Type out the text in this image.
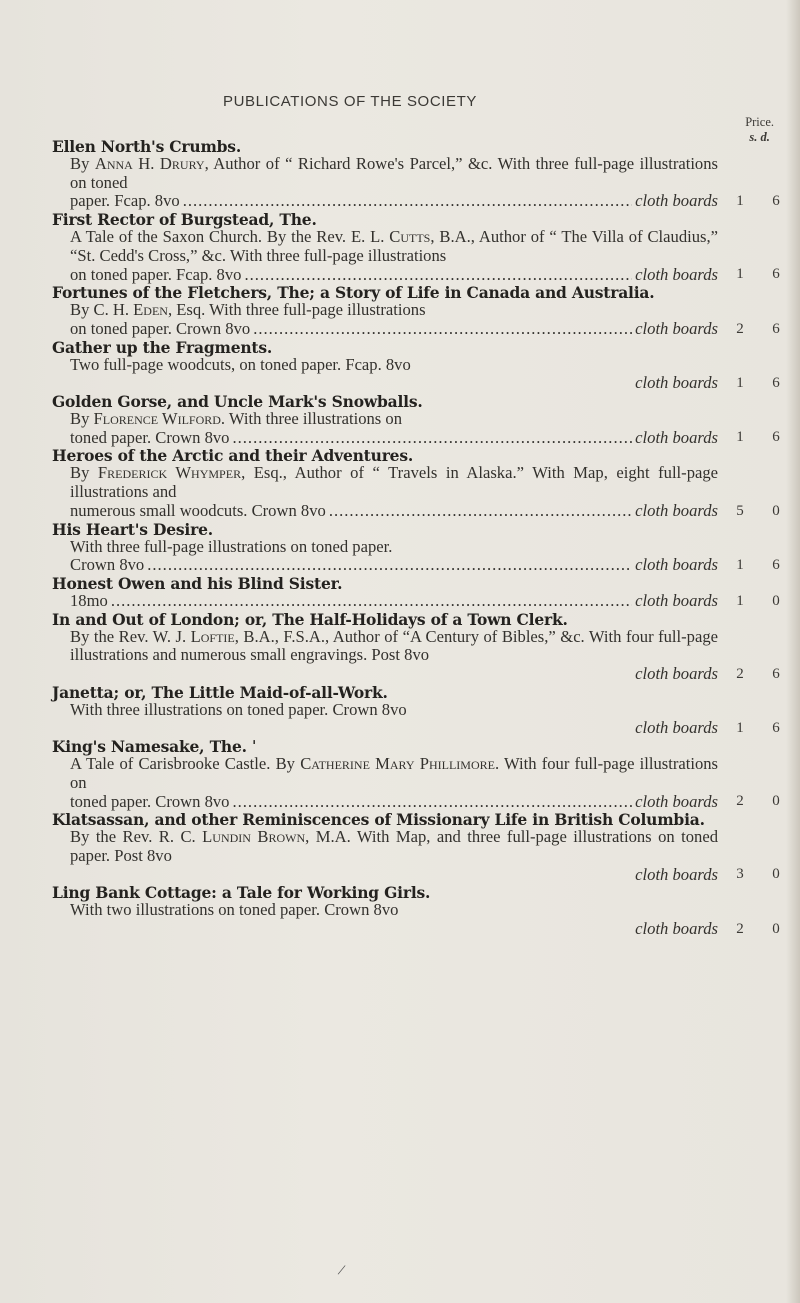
PUBLICATIONS OF THE SOCIETY
Price.
s. d.
Ellen North's Crumbs.
By Anna H. Drury, Author of “ Richard Rowe's Parcel,” &c. With three full-page illustrations on toned
paper. Fcap. 8vo .....	cloth boards	1	6
First Rector of Burgstead, The.
A Tale of the Saxon Church. By the Rev. E. L. Cutts, B.A., Author of “ The Villa of Claudius,” “St. Cedd's Cross,” &c. With three full-page illustrations
on toned paper. Fcap. 8vo .....	cloth boards	1	6
Fortunes of the Fletchers, The; a Story of Life in Canada and Australia.
By C. H. Eden, Esq. With three full-page illustrations
on toned paper. Crown 8vo .....	cloth boards	2	6
Gather up the Fragments.
Two full-page woodcuts, on toned paper. Fcap. 8vo
cloth boards	1	6
Golden Gorse, and Uncle Mark's Snowballs.
By Florence Wilford. With three illustrations on
toned paper. Crown 8vo .....	cloth boards	1	6
Heroes of the Arctic and their Adventures.
By Frederick Whymper, Esq., Author of “ Travels in Alaska.” With Map, eight full-page illustrations and
numerous small woodcuts. Crown 8vo .....	cloth boards	5	0
His Heart's Desire.
With three full-page illustrations on toned paper.
Crown 8vo .....	cloth boards	1	6
Honest Owen and his Blind Sister.
18mo .....	cloth boards	1	0
In and Out of London; or, The Half-Holidays of a Town Clerk.
By the Rev. W. J. Loftie, B.A., F.S.A., Author of “A Century of Bibles,” &c. With four full-page illustrations and numerous small engravings. Post 8vo
cloth boards	2	6
Janetta; or, The Little Maid-of-all-Work.
With three illustrations on toned paper. Crown 8vo
cloth boards	1	6
King's Namesake, The. ˈ
A Tale of Carisbrooke Castle. By Catherine Mary Phillimore. With four full-page illustrations on
toned paper. Crown 8vo .....	cloth boards	2	0
Klatsassan, and other Reminiscences of Missionary Life in British Columbia.
By the Rev. R. C. Lundin Brown, M.A. With Map, and three full-page illustrations on toned paper. Post 8vo
cloth boards	3	0
Ling Bank Cottage: a Tale for Working Girls.
With two illustrations on toned paper. Crown 8vo
cloth boards	2	0
/
